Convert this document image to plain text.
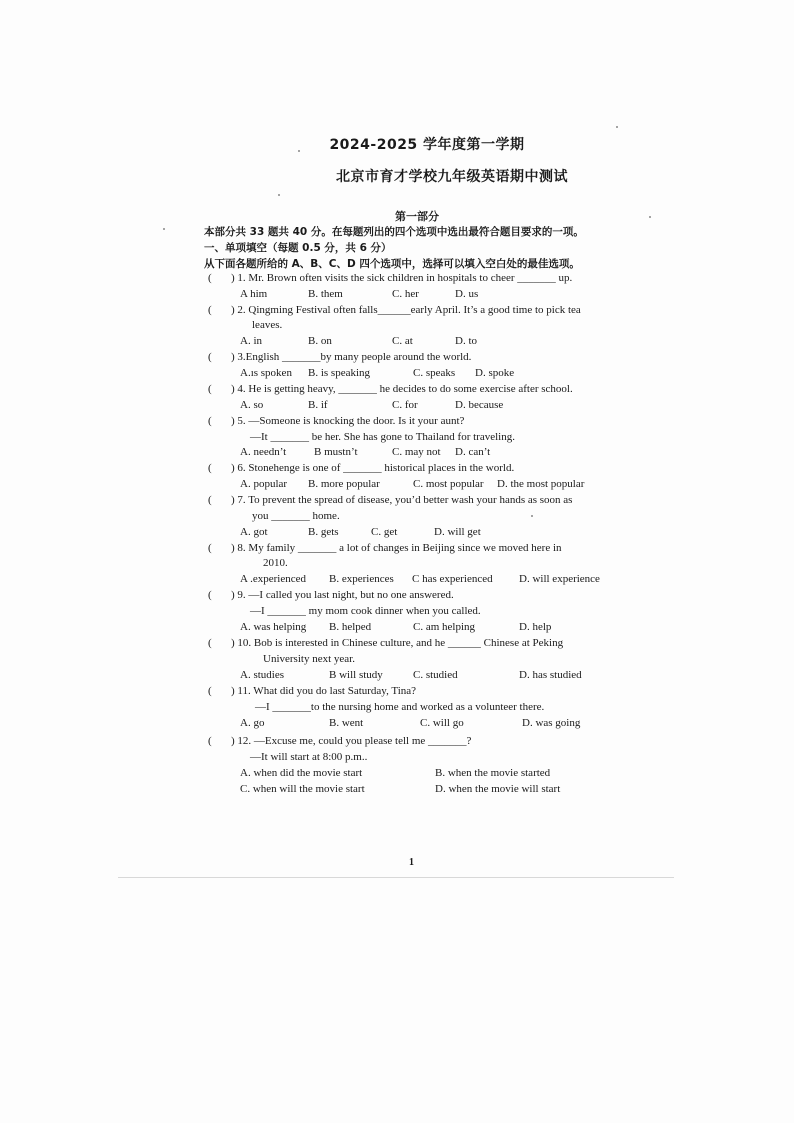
2024-2025 学年度第一学期
北京市育才学校九年级英语期中测试
第一部分
本部分共 33 题共 40 分。在每题列出的四个选项中选出最符合题目要求的一项。
一、单项填空（每题 0.5 分，共 6 分）
从下面各题所给的 A、B、C、D 四个选项中，选择可以填入空白处的最佳选项。
( ) 1. Mr. Brown often visits the sick children in hospitals to cheer _______ up.
A him	B. them	C. her	D. us
( ) 2. Qingming Festival often falls______early April. It’s a good time to pick tea
leaves.
A. in	B. on	C. at	D. to
( ) 3.English _______by many people around the world.
A.ıs spoken B. is speaking	C. speaks D. spoke
( ) 4. He is getting heavy, _______ he decides to do some exercise after school.
A. so	B. if	C. for	D. because
( ) 5. —Someone is knocking the door. Is it your aunt?
—It _______ be her. She has gone to Thailand for traveling.
A. needn’t	B mustn’t	C. may not D. can’t
( ) 6. Stonehenge is one of _______ historical places in the world.
A. popular B. more popular	C. most popular D. the most popular
( ) 7. To prevent the spread of disease, you’d better wash your hands as soon as
you _______ home.
A. got	B. gets	C. get	D. will get
( ) 8. My family _______ a lot of changes in Beijing since we moved here in
2010.
A .experienced B. experiences C has experienced D. will experience
( ) 9. —I called you last night, but no one answered.
—I _______ my mom cook dinner when you called.
A. was helping B. helped	C. am helping	D. help
( ) 10. Bob is interested in Chinese culture, and he ______ Chinese at Peking
University next year.
A. studies	B will study	C. studied	D. has studied
( ) 11. What did you do last Saturday, Tina?
—I _______to the nursing home and worked as a volunteer there.
A. go	B. went	C. will go	D. was going
( ) 12. —Excuse me, could you please tell me _______?
—It will start at 8:00 p.m..
A. when did the movie start	B. when the movie started
C. when will the movie start	D. when the movie will start
1
